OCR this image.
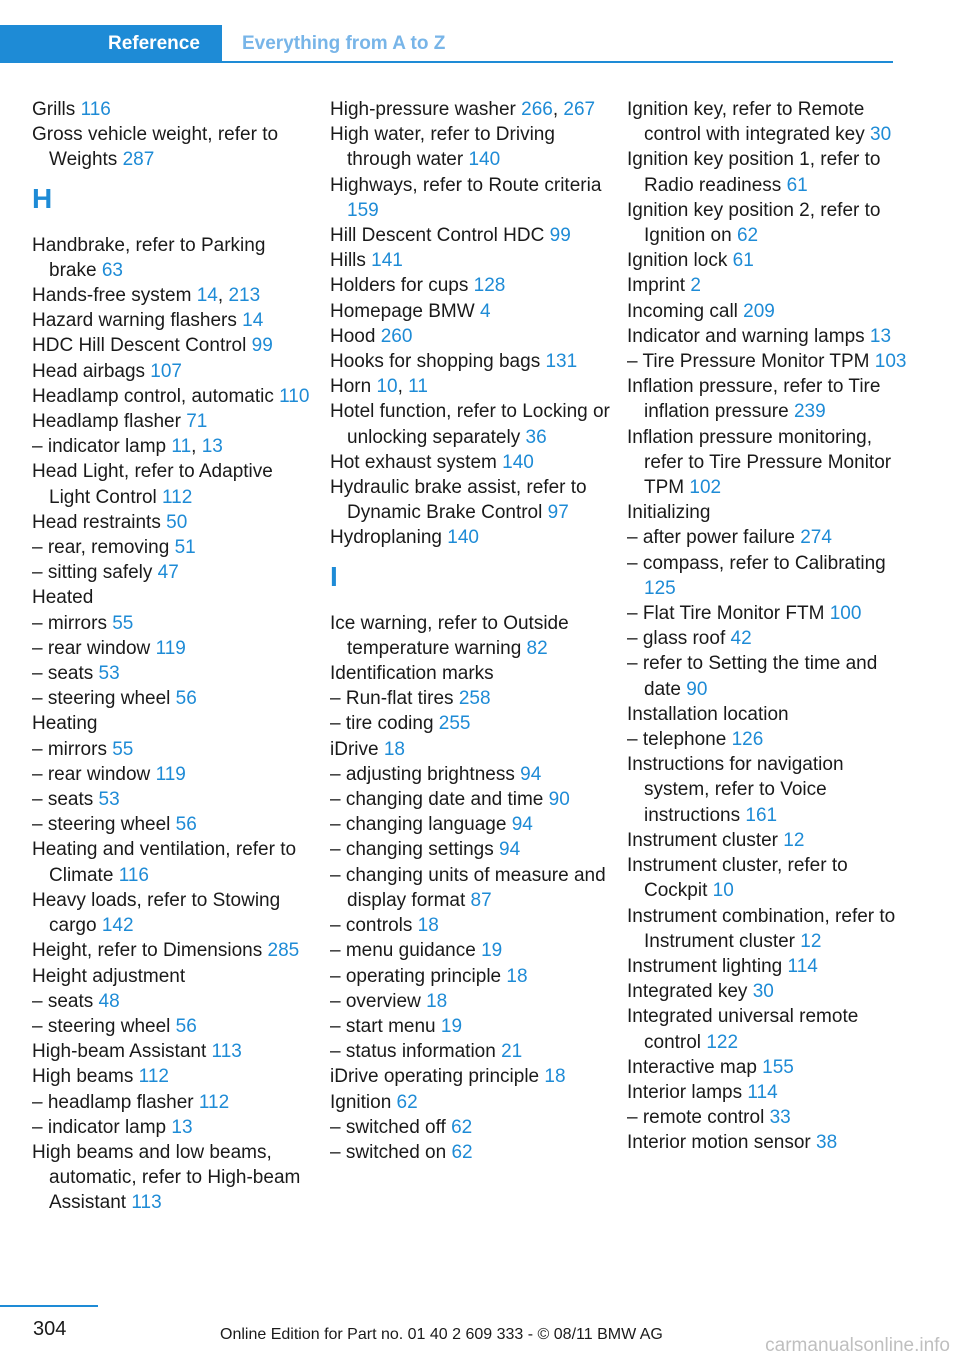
Reference	Everything from A to Z

Grills 116

Gross vehicle weight, refer to Weights 287

H

Handbrake, refer to Parking brake 63

Hands-free system 14, 213

Hazard warning flashers 14

HDC Hill Descent Control 99

Head airbags 107

Headlamp control, automatic 110

Headlamp flasher 71

– indicator lamp 11, 13

Head Light, refer to Adaptive Light Control 112

Head restraints 50

– rear, removing 51

– sitting safely 47

Heated

– mirrors 55

– rear window 119

– seats 53

– steering wheel 56

Heating

– mirrors 55

– rear window 119

– seats 53

– steering wheel 56

Heating and ventilation, refer to Climate 116

Heavy loads, refer to Stowing cargo 142

Height, refer to Dimensions 285

Height adjustment

– seats 48

– steering wheel 56

High-beam Assistant 113

High beams 112

– headlamp flasher 112

– indicator lamp 13

High beams and low beams, automatic, refer to High-beam Assistant 113

High-pressure washer 266, 267

High water, refer to Driving through water 140

Highways, refer to Route criteria 159

Hill Descent Control HDC 99

Hills 141

Holders for cups 128

Homepage BMW 4

Hood 260

Hooks for shopping bags 131

Horn 10, 11

Hotel function, refer to Locking or unlocking separately 36

Hot exhaust system 140

Hydraulic brake assist, refer to Dynamic Brake Control 97

Hydroplaning 140

I

Ice warning, refer to Outside temperature warning 82

Identification marks

– Run-flat tires 258

– tire coding 255

iDrive 18

– adjusting brightness 94

– changing date and time 90

– changing language 94

– changing settings 94

– changing units of measure and display format 87

– controls 18

– menu guidance 19

– operating principle 18

– overview 18

– start menu 19

– status information 21

iDrive operating principle 18

Ignition 62

– switched off 62

– switched on 62

Ignition key, refer to Remote control with integrated key 30

Ignition key position 1, refer to Radio readiness 61

Ignition key position 2, refer to Ignition on 62

Ignition lock 61

Imprint 2

Incoming call 209

Indicator and warning lamps 13

– Tire Pressure Monitor TPM 103

Inflation pressure, refer to Tire inflation pressure 239

Inflation pressure monitoring, refer to Tire Pressure Monitor TPM 102

Initializing

– after power failure 274

– compass, refer to Calibrating 125

– Flat Tire Monitor FTM 100

– glass roof 42

– refer to Setting the time and date 90

Installation location

– telephone 126

Instructions for navigation system, refer to Voice instructions 161

Instrument cluster 12

Instrument cluster, refer to Cockpit 10

Instrument combination, refer to Instrument cluster 12

Instrument lighting 114

Integrated key 30

Integrated universal remote control 122

Interactive map 155

Interior lamps 114

– remote control 33

Interior motion sensor 38

304	Online Edition for Part no. 01 40 2 609 333 - © 08/11 BMW AG
carmanualsonline.info
